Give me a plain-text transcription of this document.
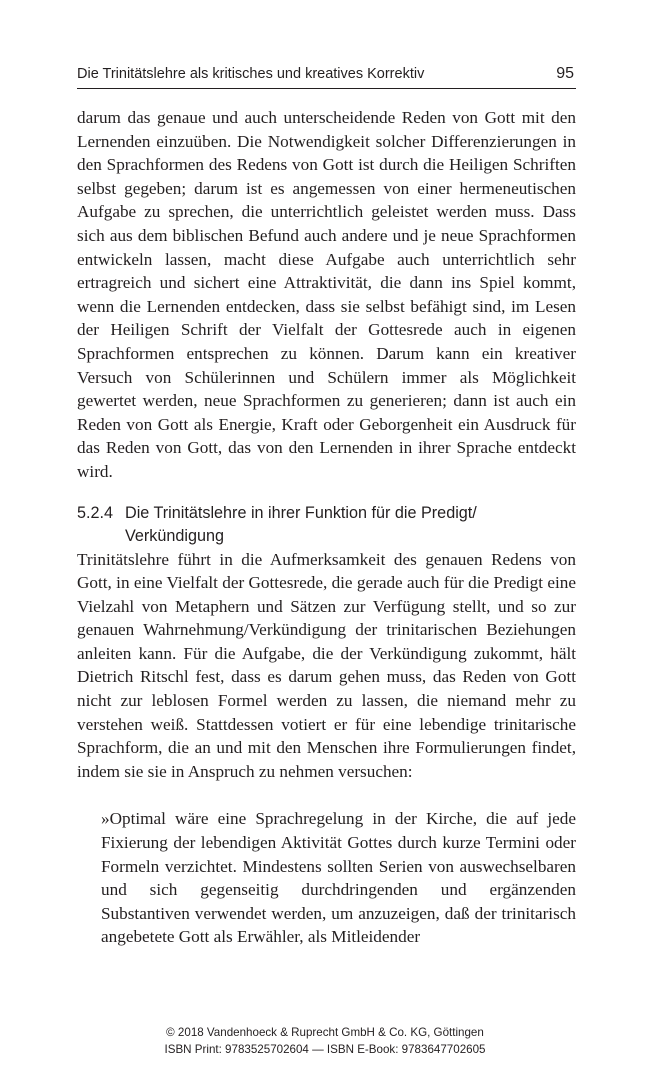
Die Trinitätslehre als kritisches und kreatives Korrektiv	95

darum das genaue und auch unterscheidende Reden von Gott mit den Lernenden einzuüben. Die Notwendigkeit solcher Differenzierungen in den Sprachformen des Redens von Gott ist durch die Heiligen Schriften selbst gegeben; darum ist es angemessen von einer hermeneutischen Aufgabe zu sprechen, die unterrichtlich geleistet werden muss. Dass sich aus dem biblischen Befund auch andere und je neue Sprachformen entwickeln lassen, macht diese Aufgabe auch unterrichtlich sehr ertragreich und sichert eine Attraktivität, die dann ins Spiel kommt, wenn die Lernenden entdecken, dass sie selbst befähigt sind, im Lesen der Heiligen Schrift der Vielfalt der Gottesrede auch in eigenen Sprachformen entsprechen zu können. Darum kann ein kreativer Versuch von Schülerinnen und Schülern immer als Möglichkeit gewertet werden, neue Sprachformen zu generieren; dann ist auch ein Reden von Gott als Energie, Kraft oder Geborgenheit ein Ausdruck für das Reden von Gott, das von den Lernenden in ihrer Sprache entdeckt wird.

5.2.4 Die Trinitätslehre in ihrer Funktion für die Predigt/ Verkündigung

Trinitätslehre führt in die Aufmerksamkeit des genauen Redens von Gott, in eine Vielfalt der Gottesrede, die gerade auch für die Predigt eine Vielzahl von Metaphern und Sätzen zur Verfügung stellt, und so zur genauen Wahrnehmung/Verkündigung der trinitarischen Beziehungen anleiten kann. Für die Aufgabe, die der Verkündigung zukommt, hält Dietrich Ritschl fest, dass es darum gehen muss, das Reden von Gott nicht zur leblosen Formel werden zu lassen, die niemand mehr zu verstehen weiß. Stattdessen votiert er für eine lebendige trinitarische Sprachform, die an und mit den Menschen ihre Formulierungen findet, indem sie sie in Anspruch zu nehmen versuchen:

»Optimal wäre eine Sprachregelung in der Kirche, die auf jede Fixierung der lebendigen Aktivität Gottes durch kurze Termini oder Formeln verzichtet. Mindestens sollten Serien von auswechselbaren und sich gegenseitig durchdringenden und ergänzenden Substantiven verwendet werden, um anzuzeigen, daß der trinitarisch angebetete Gott als Erwähler, als Mitleidender

© 2018 Vandenhoeck & Ruprecht GmbH & Co. KG, Göttingen
ISBN Print: 9783525702604 — ISBN E-Book: 9783647702605
